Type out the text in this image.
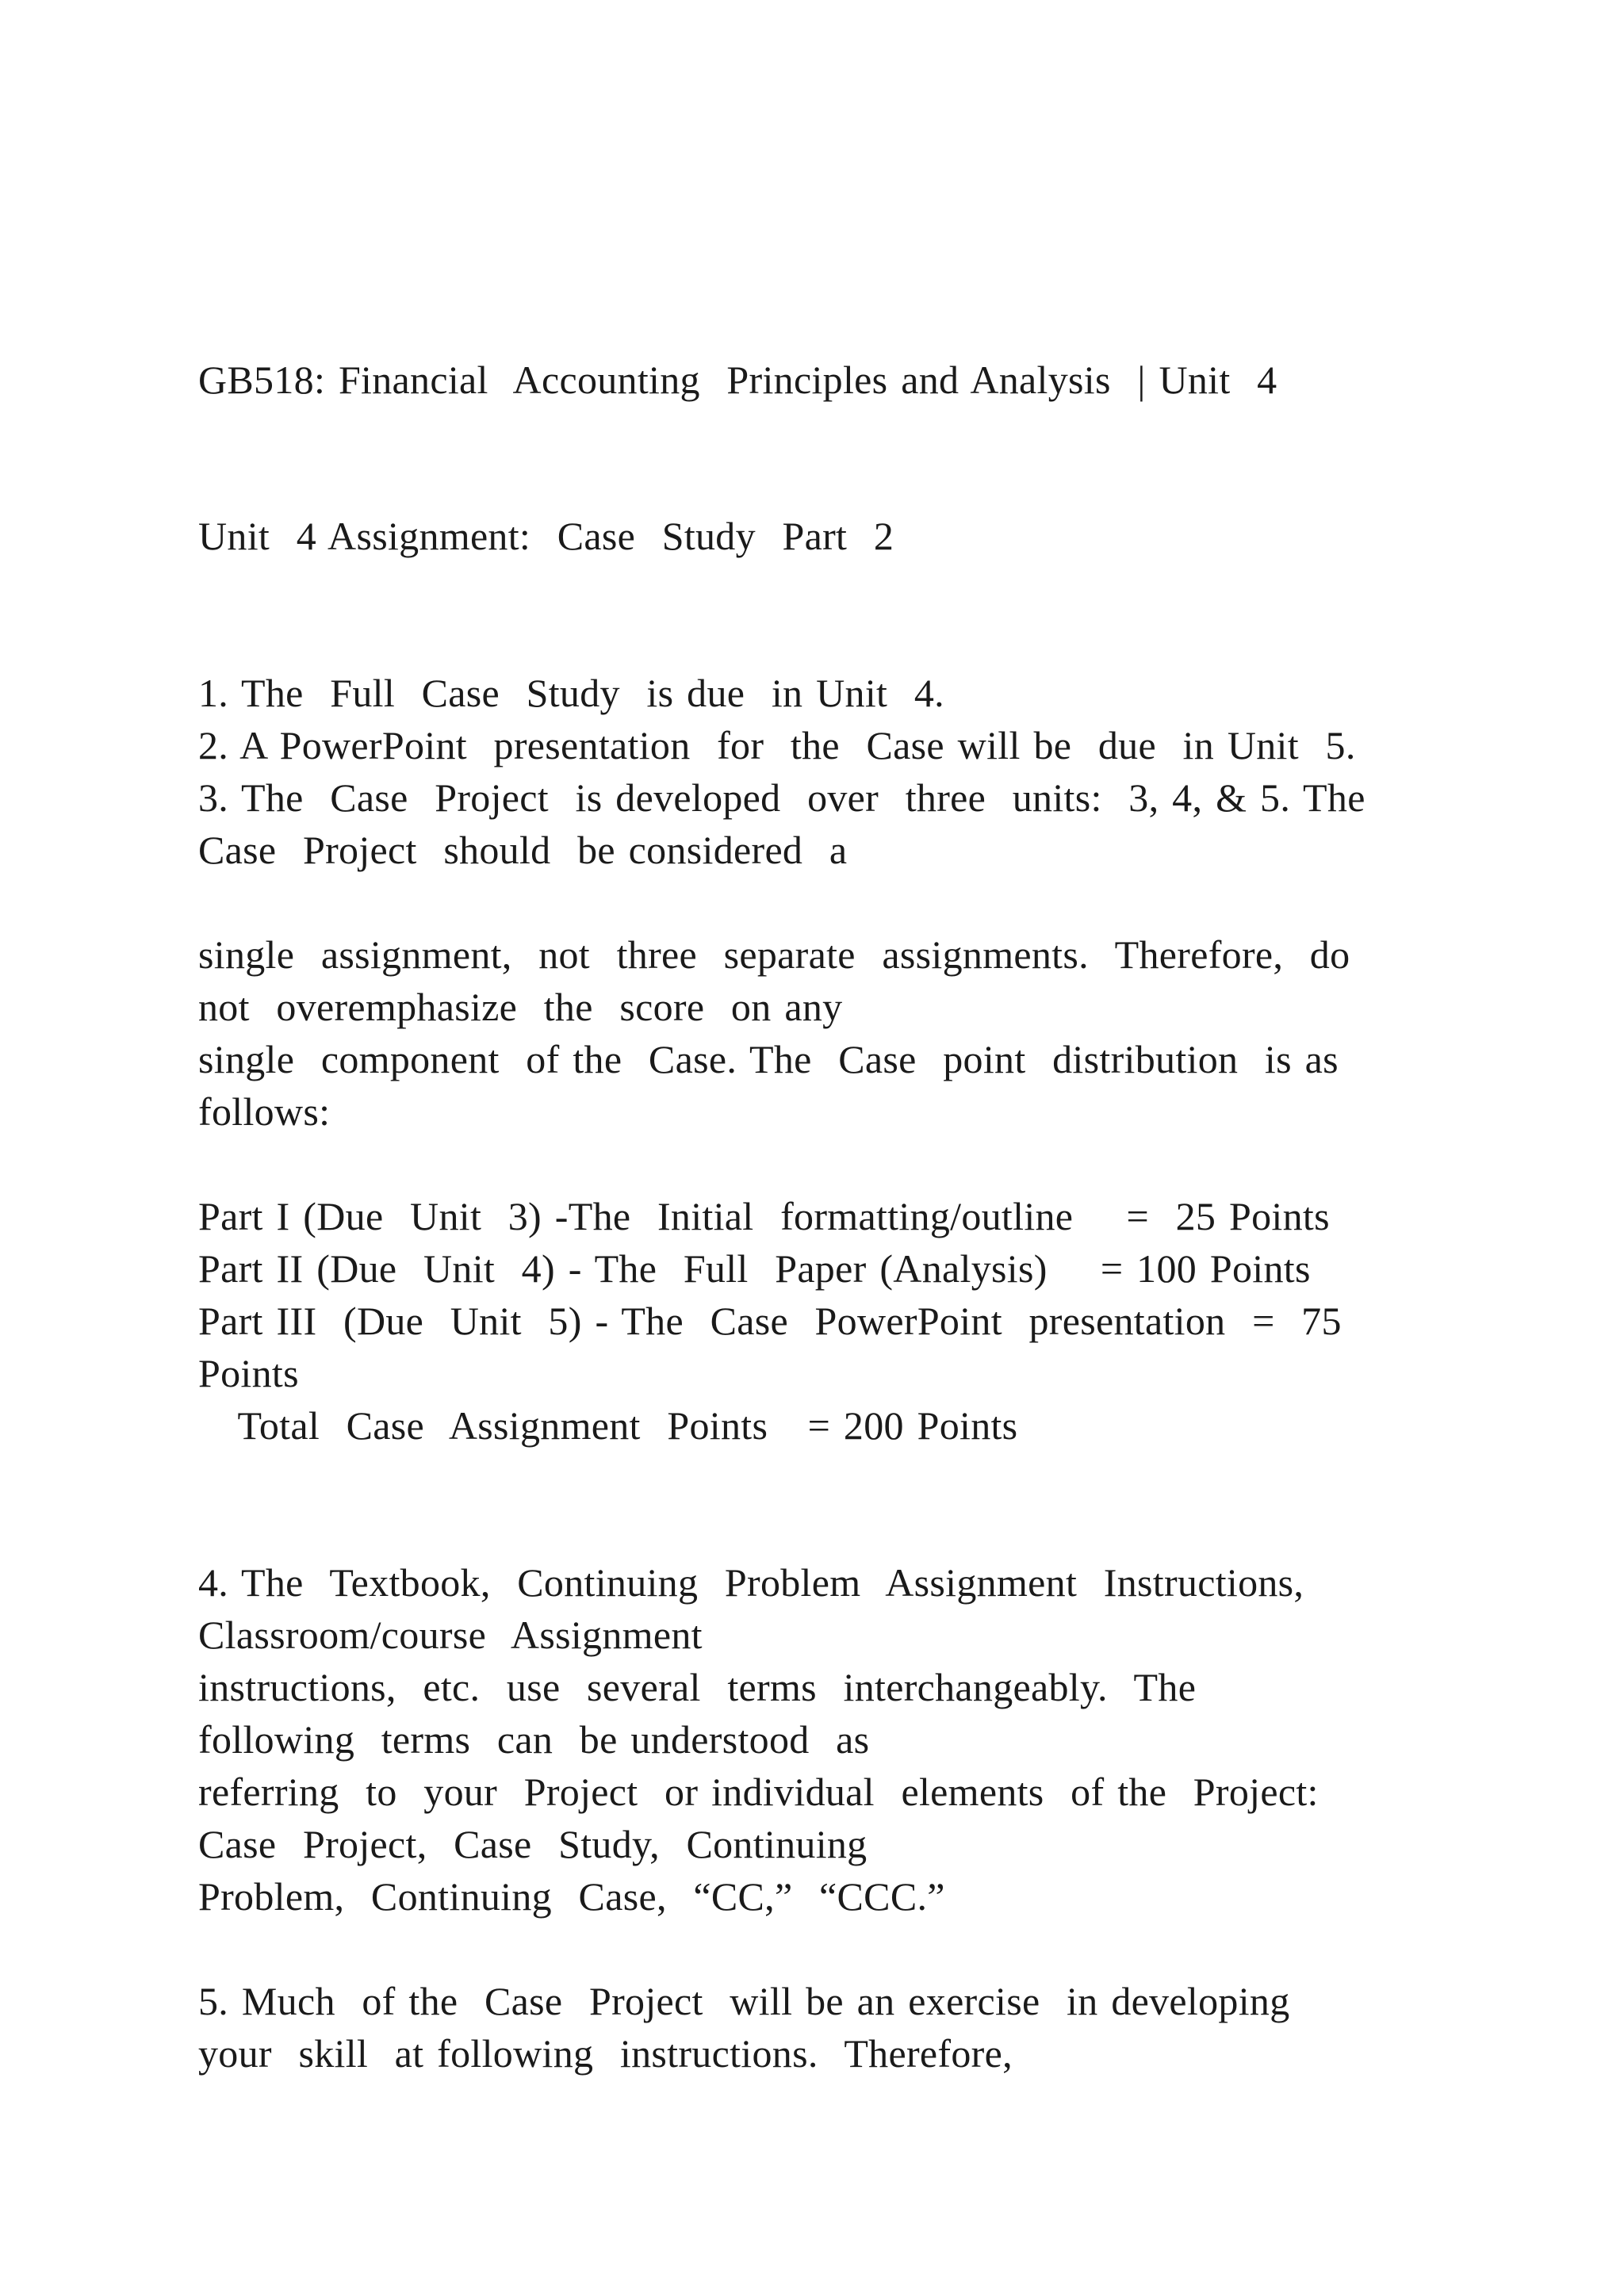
GB518: Financial  Accounting  Principles and Analysis  | Unit  4
Unit  4 Assignment:  Case  Study  Part  2
1. The  Full  Case  Study  is due  in Unit  4.
2. A PowerPoint  presentation  for  the  Case will be  due  in Unit  5.
3. The  Case  Project  is developed  over  three  units:  3, 4, & 5. The
Case  Project  should  be considered  a
single  assignment,  not  three  separate  assignments.  Therefore,  do
not  overemphasize  the  score  on any
single  component  of the  Case. The  Case  point  distribution  is as
follows:
Part I (Due  Unit  3) -The  Initial  formatting/outline    =  25 Points
Part II (Due  Unit  4) - The  Full  Paper (Analysis)    = 100 Points
Part III  (Due  Unit  5) - The  Case  PowerPoint  presentation  =  75
Points
Total  Case  Assignment  Points   = 200 Points
4. The  Textbook,  Continuing  Problem  Assignment  Instructions,
Classroom/course  Assignment
instructions,  etc.  use  several  terms  interchangeably.  The
following  terms  can  be understood  as
referring  to  your  Project  or individual  elements  of the  Project:
Case  Project,  Case  Study,  Continuing
Problem,  Continuing  Case,  “CC,”  “CCC.”
5. Much  of the  Case  Project  will be an exercise  in developing
your  skill  at following  instructions.  Therefore,
